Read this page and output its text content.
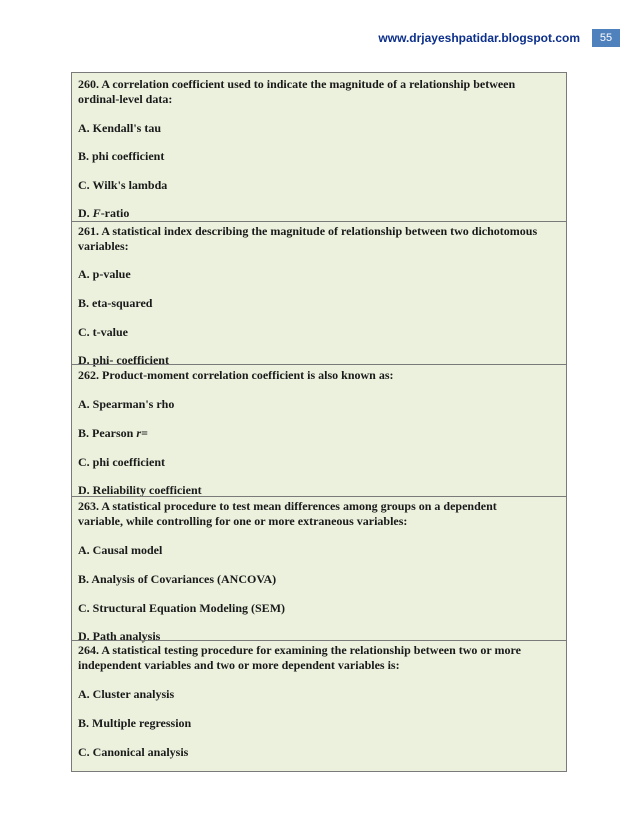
www.drjayeshpatidar.blogspot.com	55
260. A correlation coefficient used to indicate the magnitude of a relationship between
ordinal-level data:
A. Kendall's tau
B. phi coefficient
C. Wilk's lambda
D. F-ratio
261. A statistical index describing the magnitude of relationship between two dichotomous
variables:
A. p-value
B. eta-squared
C. t-value
D. phi- coefficient
262. Product-moment correlation coefficient is also known as:
A. Spearman's rho
B. Pearson r=
C. phi coefficient
D. Reliability coefficient
263. A statistical procedure to test mean differences among groups on a dependent
variable, while controlling for one or more extraneous variables:
A. Causal model
B. Analysis of Covariances (ANCOVA)
C. Structural Equation Modeling (SEM)
D. Path analysis
264. A statistical testing procedure for examining the relationship between two or more
independent variables and two or more dependent variables is:
A. Cluster analysis
B. Multiple regression
C. Canonical analysis
